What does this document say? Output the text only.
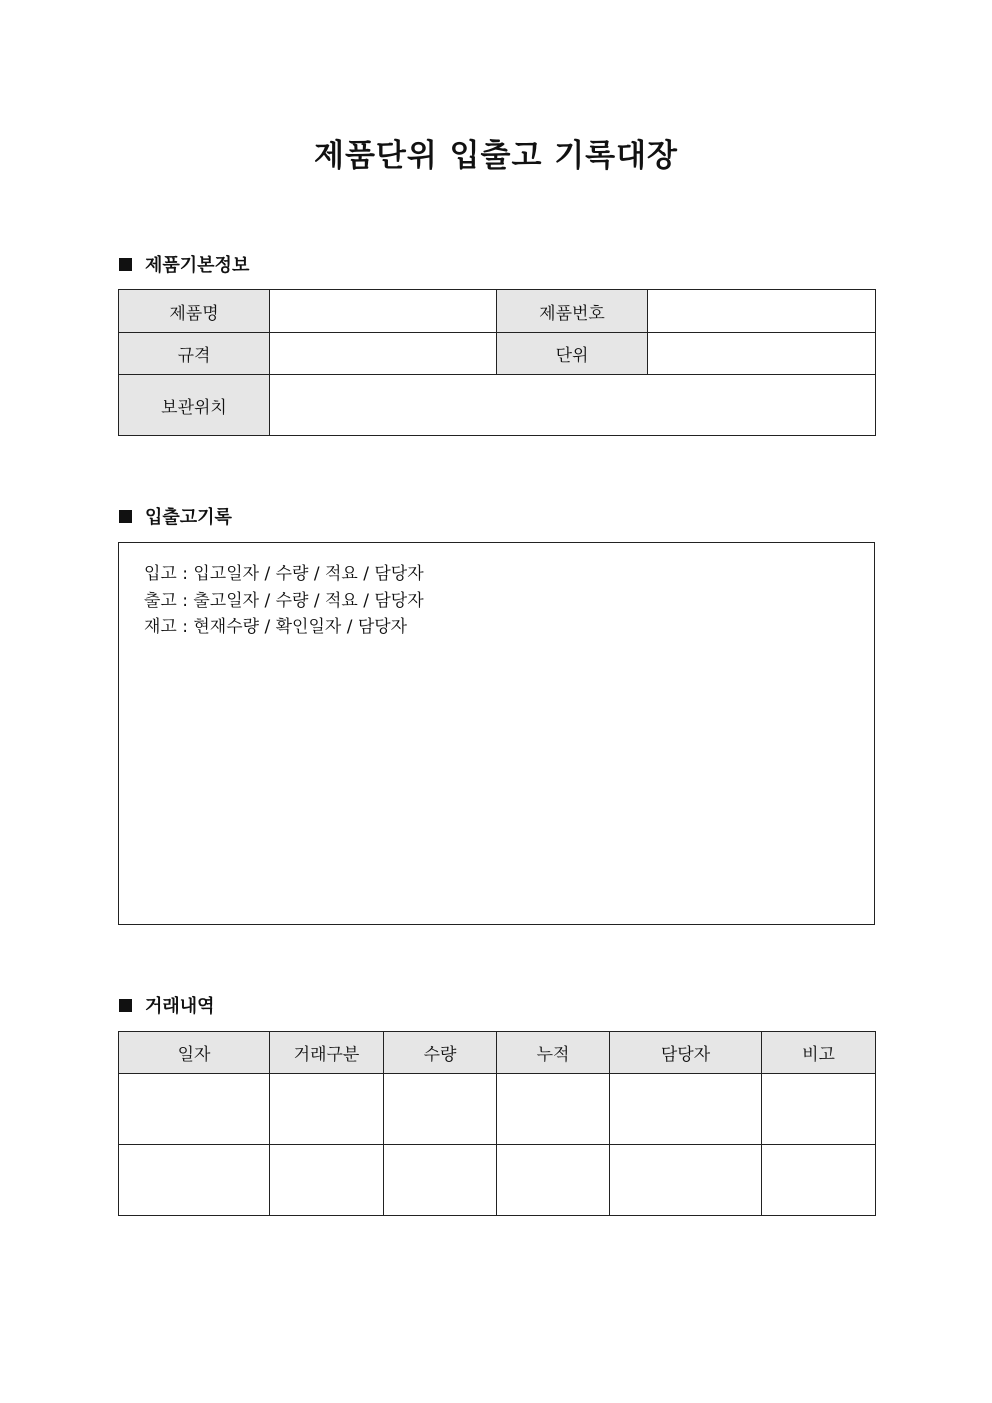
제품단위 입출고 기록대장
제품기본정보
제품명		제품번호	
규격		단위	
보관위치			
입출고기록
입고 : 입고일자 / 수량 / 적요 / 담당자
출고 : 출고일자 / 수량 / 적요 / 담당자
재고 : 현재수량 / 확인일자 / 담당자
거래내역
일자	거래구분	수량	누적	담당자	비고
